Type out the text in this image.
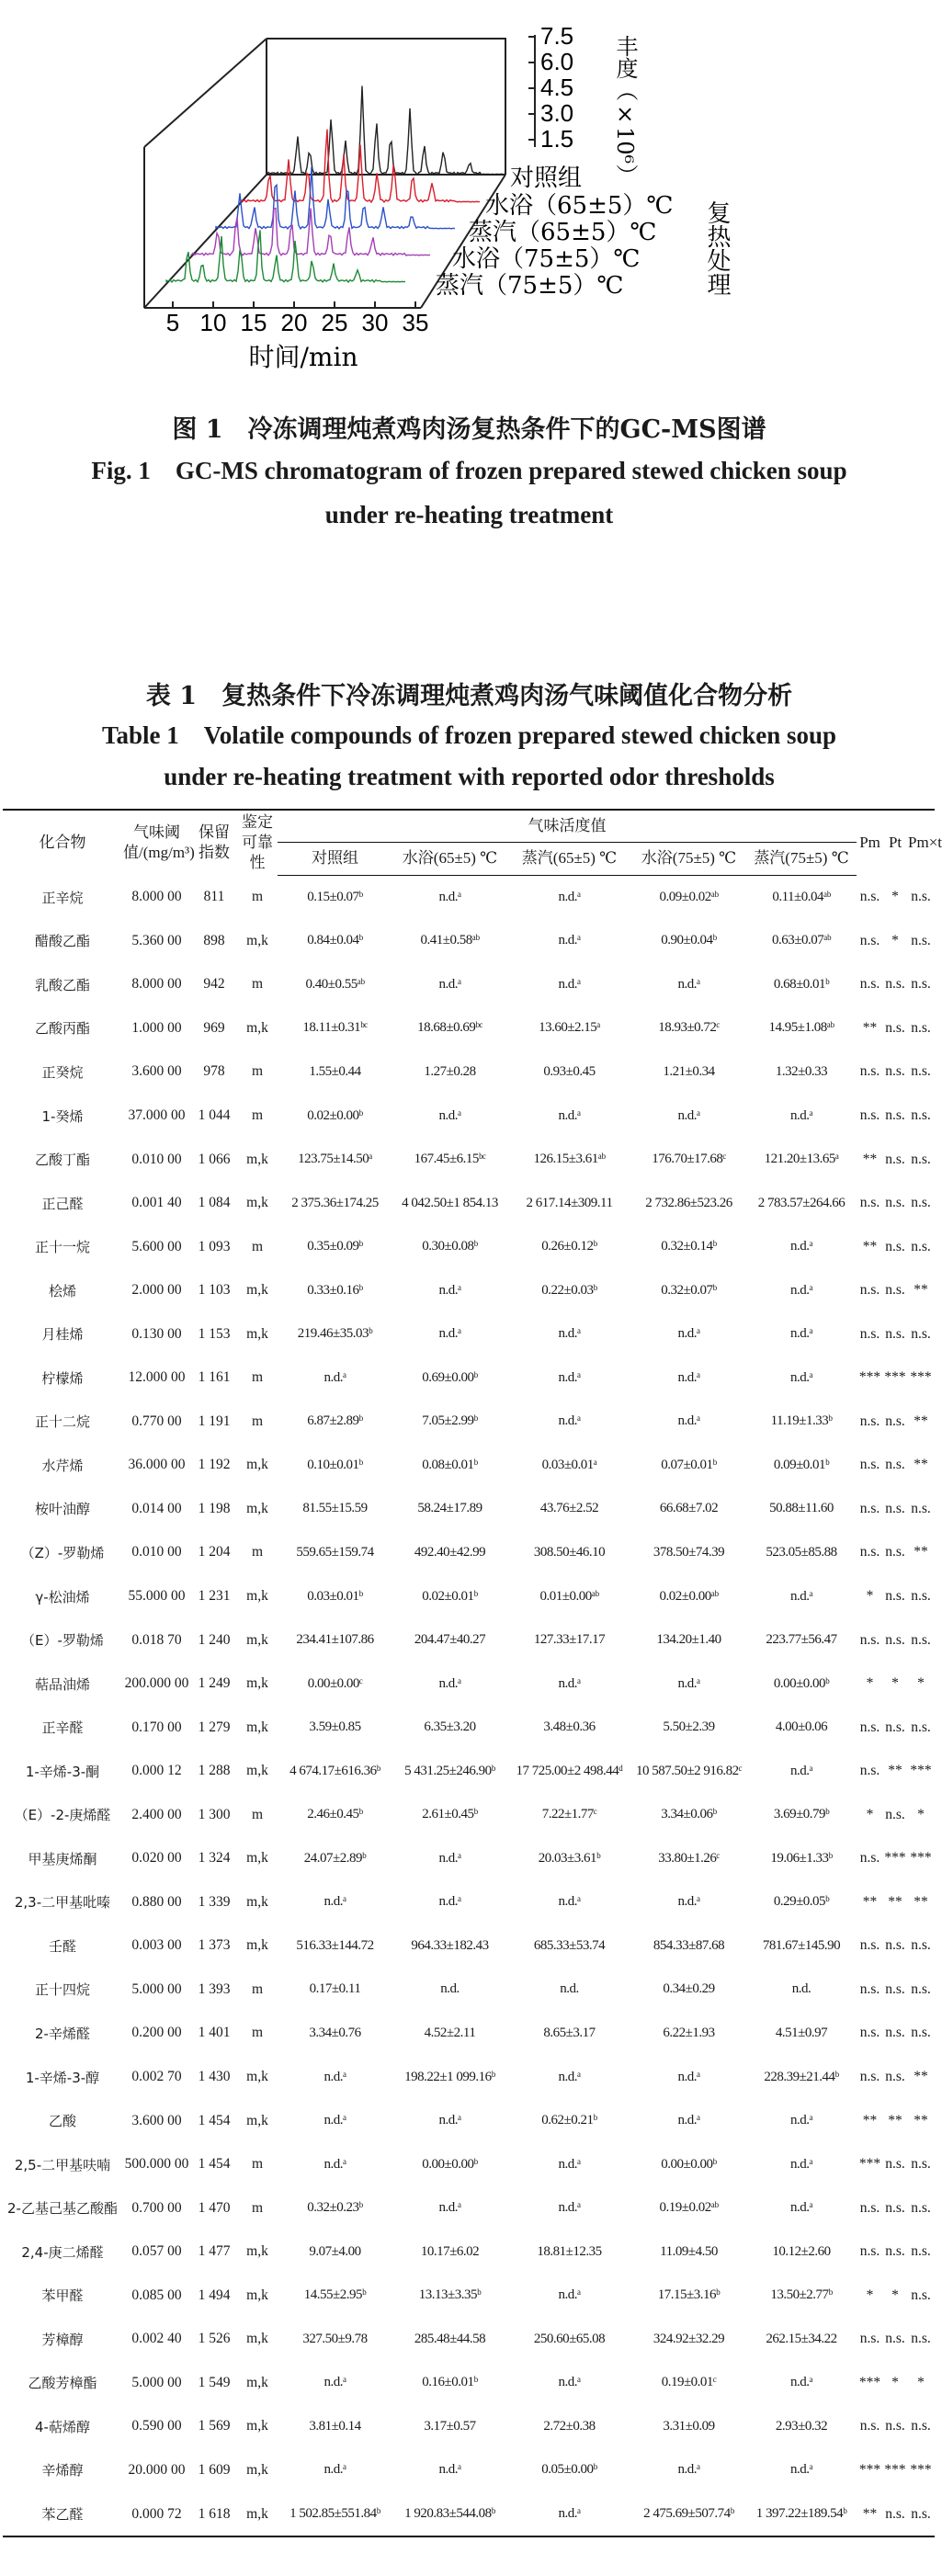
7.5
6.0
4.5
3.0
1.5 丰度（×10⁶）
5 10 15 20 25 30 35
时间/min
对照组
水浴（65±5）℃
蒸汽（65±5）℃
水浴（75±5）℃
蒸汽（75±5）℃	复热处理
图 1　冷冻调理炖煮鸡肉汤复热条件下的GC-MS图谱
Fig. 1　GC-MS chromatogram of frozen prepared stewed chicken soup
under re-heating treatment
表 1　复热条件下冷冻调理炖煮鸡肉汤气味阈值化合物分析
Table 1　Volatile compounds of frozen prepared stewed chicken soup
under re-heating treatment with reported odor thresholds
化合物	气味阈值/(mg/m³)	保留指数	鉴定可靠性	气味活度值					Pm	Pt	Pm×t
				对照组	水浴(65±5) ℃	蒸汽(65±5) ℃	水浴(75±5) ℃	蒸汽(75±5) ℃			
正辛烷	8.000 00	811	m	0.15±0.07ᵇ	n.d.ᵃ	n.d.ᵃ	0.09±0.02ᵃᵇ	0.11±0.04ᵃᵇ	n.s.	*	n.s.
醋酸乙酯	5.360 00	898	m,k	0.84±0.04ᵇ	0.41±0.58ᵃᵇ	n.d.ᵃ	0.90±0.04ᵇ	0.63±0.07ᵃᵇ	n.s.	*	n.s.
乳酸乙酯	8.000 00	942	m	0.40±0.55ᵃᵇ	n.d.ᵃ	n.d.ᵃ	n.d.ᵃ	0.68±0.01ᵇ	n.s.	n.s.	n.s.
乙酸丙酯	1.000 00	969	m,k	18.11±0.31ᵇᶜ	18.68±0.69ᵇᶜ	13.60±2.15ᵃ	18.93±0.72ᶜ	14.95±1.08ᵃᵇ	**	n.s.	n.s.
正癸烷	3.600 00	978	m	1.55±0.44	1.27±0.28	0.93±0.45	1.21±0.34	1.32±0.33	n.s.	n.s.	n.s.
1-癸烯	37.000 00	1 044	m	0.02±0.00ᵇ	n.d.ᵃ	n.d.ᵃ	n.d.ᵃ	n.d.ᵃ	n.s.	n.s.	n.s.
乙酸丁酯	0.010 00	1 066	m,k	123.75±14.50ᵃ	167.45±6.15ᵇᶜ	126.15±3.61ᵃᵇ	176.70±17.68ᶜ	121.20±13.65ᵃ	**	n.s.	n.s.
正己醛	0.001 40	1 084	m,k	2 375.36±174.25	4 042.50±1 854.13	2 617.14±309.11	2 732.86±523.26	2 783.57±264.66	n.s.	n.s.	n.s.
正十一烷	5.600 00	1 093	m	0.35±0.09ᵇ	0.30±0.08ᵇ	0.26±0.12ᵇ	0.32±0.14ᵇ	n.d.ᵃ	**	n.s.	n.s.
桧烯	2.000 00	1 103	m,k	0.33±0.16ᵇ	n.d.ᵃ	0.22±0.03ᵇ	0.32±0.07ᵇ	n.d.ᵃ	n.s.	n.s.	**
月桂烯	0.130 00	1 153	m,k	219.46±35.03ᵇ	n.d.ᵃ	n.d.ᵃ	n.d.ᵃ	n.d.ᵃ	n.s.	n.s.	n.s.
柠檬烯	12.000 00	1 161	m	n.d.ᵃ	0.69±0.00ᵇ	n.d.ᵃ	n.d.ᵃ	n.d.ᵃ	***	***	***
正十二烷	0.770 00	1 191	m	6.87±2.89ᵇ	7.05±2.99ᵇ	n.d.ᵃ	n.d.ᵃ	11.19±1.33ᵇ	n.s.	n.s.	**
水芹烯	36.000 00	1 192	m,k	0.10±0.01ᵇ	0.08±0.01ᵇ	0.03±0.01ᵃ	0.07±0.01ᵇ	0.09±0.01ᵇ	n.s.	n.s.	**
桉叶油醇	0.014 00	1 198	m,k	81.55±15.59	58.24±17.89	43.76±2.52	66.68±7.02	50.88±11.60	n.s.	n.s.	n.s.
（Z）-罗勒烯	0.010 00	1 204	m	559.65±159.74	492.40±42.99	308.50±46.10	378.50±74.39	523.05±85.88	n.s.	n.s.	**
γ-松油烯	55.000 00	1 231	m,k	0.03±0.01ᵇ	0.02±0.01ᵇ	0.01±0.00ᵃᵇ	0.02±0.00ᵃᵇ	n.d.ᵃ	*	n.s.	n.s.
（E）-罗勒烯	0.018 70	1 240	m,k	234.41±107.86	204.47±40.27	127.33±17.17	134.20±1.40	223.77±56.47	n.s.	n.s.	n.s.
萜品油烯	200.000 00	1 249	m,k	0.00±0.00ᶜ	n.d.ᵃ	n.d.ᵃ	n.d.ᵃ	0.00±0.00ᵇ	*	*	*
正辛醛	0.170 00	1 279	m,k	3.59±0.85	6.35±3.20	3.48±0.36	5.50±2.39	4.00±0.06	n.s.	n.s.	n.s.
1-辛烯-3-酮	0.000 12	1 288	m,k	4 674.17±616.36ᵇ	5 431.25±246.90ᵇ	17 725.00±2 498.44ᵈ	10 587.50±2 916.82ᶜ	n.d.ᵃ	n.s.	**	***
（E）-2-庚烯醛	2.400 00	1 300	m	2.46±0.45ᵇ	2.61±0.45ᵇ	7.22±1.77ᶜ	3.34±0.06ᵇ	3.69±0.79ᵇ	*	n.s.	*
甲基庚烯酮	0.020 00	1 324	m,k	24.07±2.89ᵇ	n.d.ᵃ	20.03±3.61ᵇ	33.80±1.26ᶜ	19.06±1.33ᵇ	n.s.	***	***
2,3-二甲基吡嗪	0.880 00	1 339	m,k	n.d.ᵃ	n.d.ᵃ	n.d.ᵃ	n.d.ᵃ	0.29±0.05ᵇ	**	**	**
壬醛	0.003 00	1 373	m,k	516.33±144.72	964.33±182.43	685.33±53.74	854.33±87.68	781.67±145.90	n.s.	n.s.	n.s.
正十四烷	5.000 00	1 393	m	0.17±0.11	n.d.	n.d.	0.34±0.29	n.d.	n.s.	n.s.	n.s.
2-辛烯醛	0.200 00	1 401	m	3.34±0.76	4.52±2.11	8.65±3.17	6.22±1.93	4.51±0.97	n.s.	n.s.	n.s.
1-辛烯-3-醇	0.002 70	1 430	m,k	n.d.ᵃ	198.22±1 099.16ᵇ	n.d.ᵃ	n.d.ᵃ	228.39±21.44ᵇ	n.s.	n.s.	**
乙酸	3.600 00	1 454	m,k	n.d.ᵃ	n.d.ᵃ	0.62±0.21ᵇ	n.d.ᵃ	n.d.ᵃ	**	**	**
2,5-二甲基呋喃	500.000 00	1 454	m	n.d.ᵃ	0.00±0.00ᵇ	n.d.ᵃ	0.00±0.00ᵇ	n.d.ᵃ	***	n.s.	n.s.
2-乙基己基乙酸酯	0.700 00	1 470	m	0.32±0.23ᵇ	n.d.ᵃ	n.d.ᵃ	0.19±0.02ᵃᵇ	n.d.ᵃ	n.s.	n.s.	n.s.
2,4-庚二烯醛	0.057 00	1 477	m,k	9.07±4.00	10.17±6.02	18.81±12.35	11.09±4.50	10.12±2.60	n.s.	n.s.	n.s.
苯甲醛	0.085 00	1 494	m,k	14.55±2.95ᵇ	13.13±3.35ᵇ	n.d.ᵃ	17.15±3.16ᵇ	13.50±2.77ᵇ	*	*	n.s.
芳樟醇	0.002 40	1 526	m,k	327.50±9.78	285.48±44.58	250.60±65.08	324.92±32.29	262.15±34.22	n.s.	n.s.	n.s.
乙酸芳樟酯	5.000 00	1 549	m,k	n.d.ᵃ	0.16±0.01ᵇ	n.d.ᵃ	0.19±0.01ᶜ	n.d.ᵃ	***	*	*
4-萜烯醇	0.590 00	1 569	m,k	3.81±0.14	3.17±0.57	2.72±0.38	3.31±0.09	2.93±0.32	n.s.	n.s.	n.s.
辛烯醇	20.000 00	1 609	m,k	n.d.ᵃ	n.d.ᵃ	0.05±0.00ᵇ	n.d.ᵃ	n.d.ᵃ	***	***	***
苯乙醛	0.000 72	1 618	m,k	1 502.85±551.84ᵇ	1 920.83±544.08ᵇ	n.d.ᵃ	2 475.69±507.74ᵇ	1 397.22±189.54ᵇ	**	n.s.	n.s.
